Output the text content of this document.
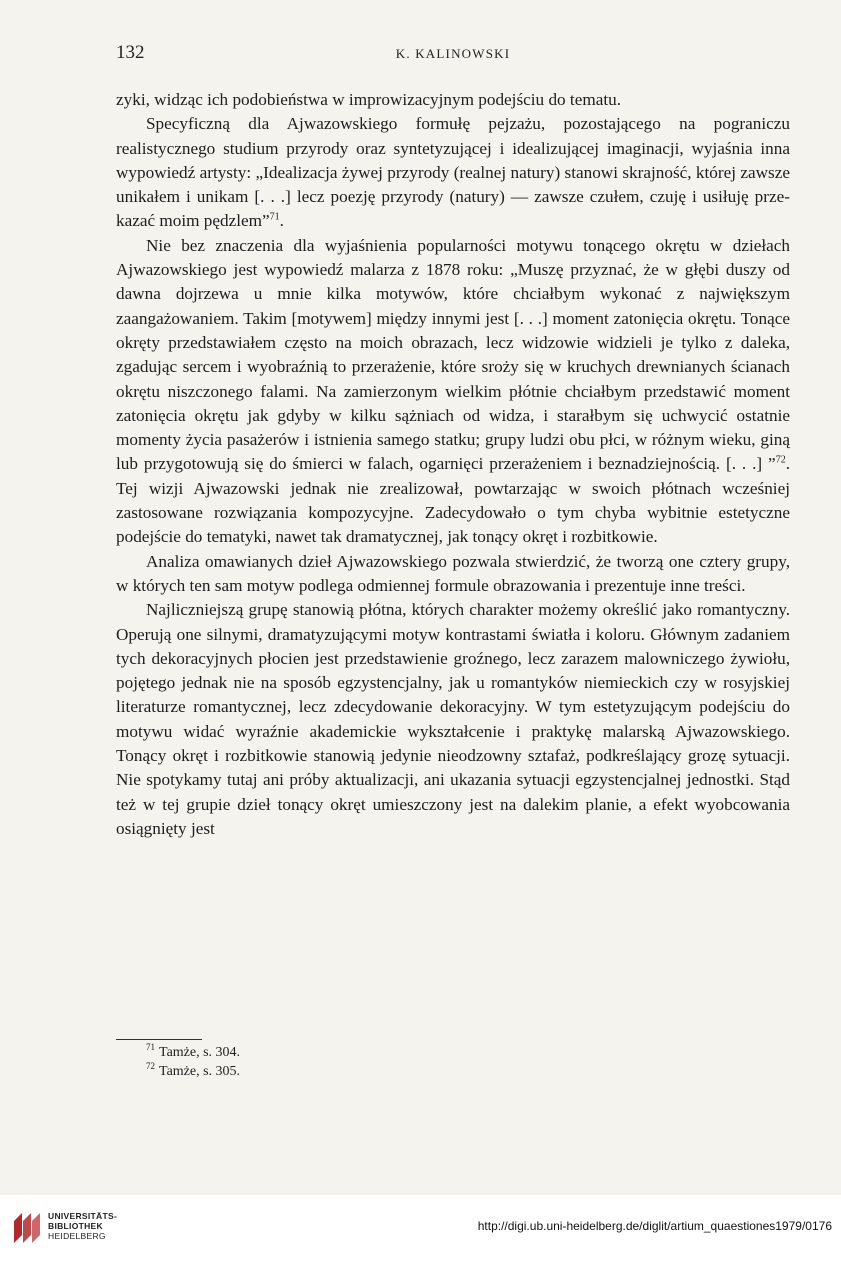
132	K. KALINOWSKI

zyki, widząc ich podobieństwa w improwizacyjnym podejściu do tematu.

Specyficzną dla Ajwazowskiego formułę pejzażu, pozostającego na pograniczu realistycznego studium przyrody oraz syntetyzującej i idealizującej imaginacji, wyjaśnia inna wypowiedź artysty: „Idealizacja żywej przyrody (realnej natury) stanowi skrajność, której zawsze unikałem i unikam [. . .] lecz poezję przyrody (natury) — zawsze czułem, czuję i usiłuję przekazać moim pędzlem”$^{71}$.

Nie bez znaczenia dla wyjaśnienia popularności motywu tonącego okrętu w dziełach Ajwazowskiego jest wypowiedź malarza z 1878 roku: „Muszę przyznać, że w głębi duszy od dawna dojrzewa u mnie kilka motywów, które chciałbym wykonać z największym zaangażowaniem. Takim [motywem] między innymi jest [. . .] moment zatonięcia okrętu. Tonące okręty przedstawiałem często na moich obrazach, lecz widzowie widzieli je tylko z daleka, zgadując sercem i wyobraźnią to przerażenie, które sroży się w kruchych drewnianych ścianach okrętu niszczonego falami. Na zamierzonym wielkim płótnie chciałbym przedstawić moment zatonięcia okrętu jak gdyby w kilku sążniach od widza, i starałbym się uchwycić ostatnie momenty życia pasażerów i istnienia samego statku; grupy ludzi obu płci, w różnym wieku, giną lub przygotowują się do śmierci w falach, ogarnięci przerażeniem i beznadziejnością. [. . .] ”$^{72}$. Tej wizji Ajwazowski jednak nie zrealizował, powtarzając w swoich płótnach wcześniej zastosowane rozwiązania kompozycyjne. Zadecydowało o tym chyba wybitnie estetyczne podejście do tematyki, nawet tak dramatycznej, jak tonący okręt i rozbitkowie.

Analiza omawianych dzieł Ajwazowskiego pozwala stwierdzić, że tworzą one cztery grupy, w których ten sam motyw podlega odmiennej formule obrazowania i prezentuje inne treści.

Najliczniejszą grupę stanowią płótna, których charakter możemy określić jako romantyczny. Operują one silnymi, dramatyzującymi motyw kontrastami światła i koloru. Głównym zadaniem tych dekoracyjnych płocien jest przedstawienie groźnego, lecz zarazem malowniczego żywiołu, pojętego jednak nie na sposób egzystencjalny, jak u romantyków niemieckich czy w rosyjskiej literaturze romantycznej, lecz zdecydowanie dekoracyjny. W tym estetyzującym podejściu do motywu widać wyraźnie akademickie wykształcenie i praktykę malarską Ajwazowskiego. Tonący okręt i rozbitkowie stanowią jedynie nieodzowny sztafaż, podkreślający grozę sytuacji. Nie spotykamy tutaj ani próby aktualizacji, ani ukazania sytuacji egzystencjalnej jednostki. Stąd też w tej grupie dzieł tonący okręt umieszczony jest na dalekim planie, a efekt wyobcowania osiągnięty jest

$^{71}$ Tamże, s. 304.

$^{72}$ Tamże, s. 305.

UNIVERSITÄTS-
BIBLIOTHEK
HEIDELBERG
http://digi.ub.uni-heidelberg.de/diglit/artium_quaestiones1979/0176
